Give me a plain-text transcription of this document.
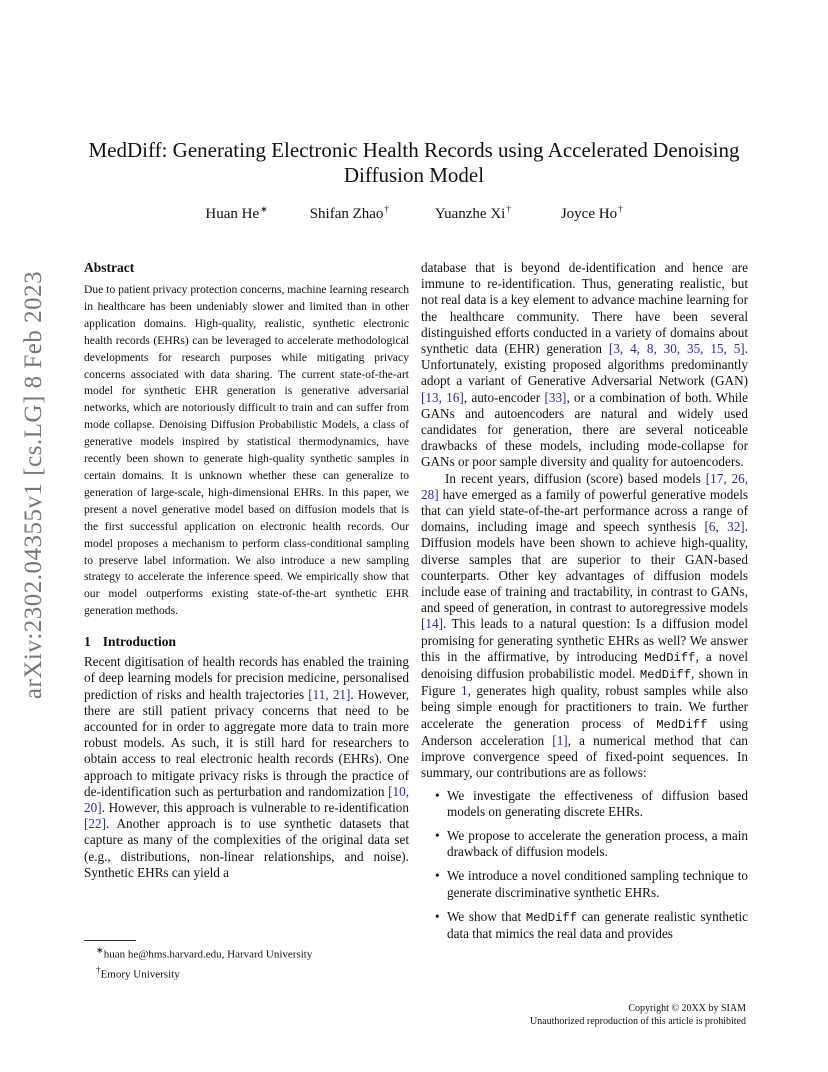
arXiv:2302.04355v1 [cs.LG] 8 Feb 2023
MedDiff: Generating Electronic Health Records using Accelerated Denoising Diffusion Model
Huan He∗	Shifan Zhao†	Yuanzhe Xi†	Joyce Ho†
Abstract

Due to patient privacy protection concerns, machine learning research in healthcare has been undeniably slower and limited than in other application domains. High-quality, realistic, synthetic electronic health records (EHRs) can be leveraged to accelerate methodological developments for research purposes while mitigating privacy concerns associated with data sharing. The current state-of-the-art model for synthetic EHR generation is generative adversarial networks, which are notoriously difficult to train and can suffer from mode collapse. Denoising Diffusion Probabilistic Models, a class of generative models inspired by statistical thermodynamics, have recently been shown to generate high-quality synthetic samples in certain domains. It is unknown whether these can generalize to generation of large-scale, high-dimensional EHRs. In this paper, we present a novel generative model based on diffusion models that is the first successful application on electronic health records. Our model proposes a mechanism to perform class-conditional sampling to preserve label information. We also introduce a new sampling strategy to accelerate the inference speed. We empirically show that our model outperforms existing state-of-the-art synthetic EHR generation methods.

1 Introduction

Recent digitisation of health records has enabled the training of deep learning models for precision medicine, personalised prediction of risks and health trajectories [11, 21]. However, there are still patient privacy concerns that need to be accounted for in order to aggregate more data to train more robust models. As such, it is still hard for researchers to obtain access to real electronic health records (EHRs). One approach to mitigate privacy risks is through the practice of de-identification such as perturbation and randomization [10, 20]. However, this approach is vulnerable to re-identification [22]. Another approach is to use synthetic datasets that capture as many of the complexities of the original data set (e.g., distributions, non-linear relationships, and noise). Synthetic EHRs can yield a

database that is beyond de-identification and hence are immune to re-identification. Thus, generating realistic, but not real data is a key element to advance machine learning for the healthcare community. There have been several distinguished efforts conducted in a variety of domains about synthetic data (EHR) generation [3, 4, 8, 30, 35, 15, 5]. Unfortunately, existing proposed algorithms predominantly adopt a variant of Generative Adversarial Network (GAN) [13, 16], auto-encoder [33], or a combination of both. While GANs and autoencoders are natural and widely used candidates for generation, there are several noticeable drawbacks of these models, including mode-collapse for GANs or poor sample diversity and quality for autoencoders.

In recent years, diffusion (score) based models [17, 26, 28] have emerged as a family of powerful generative models that can yield state-of-the-art performance across a range of domains, including image and speech synthesis [6, 32]. Diffusion models have been shown to achieve high-quality, diverse samples that are superior to their GAN-based counterparts. Other key advantages of diffusion models include ease of training and tractability, in contrast to GANs, and speed of generation, in contrast to autoregressive models [14]. This leads to a natural question: Is a diffusion model promising for generating synthetic EHRs as well? We answer this in the affirmative, by introducing MedDiff, a novel denoising diffusion probabilistic model. MedDiff, shown in Figure 1, generates high quality, robust samples while also being simple enough for practitioners to train. We further accelerate the generation process of MedDiff using Anderson acceleration [1], a numerical method that can improve convergence speed of fixed-point sequences. In summary, our contributions are as follows:

• We investigate the effectiveness of diffusion based models on generating discrete EHRs.
• We propose to accelerate the generation process, a main drawback of diffusion models.
• We introduce a novel conditioned sampling technique to generate discriminative synthetic EHRs.
• We show that MedDiff can generate realistic synthetic data that mimics the real data and provides
∗huan he@hms.harvard.edu, Harvard University
†Emory University
Copyright © 20XX by SIAM
Unauthorized reproduction of this article is prohibited
